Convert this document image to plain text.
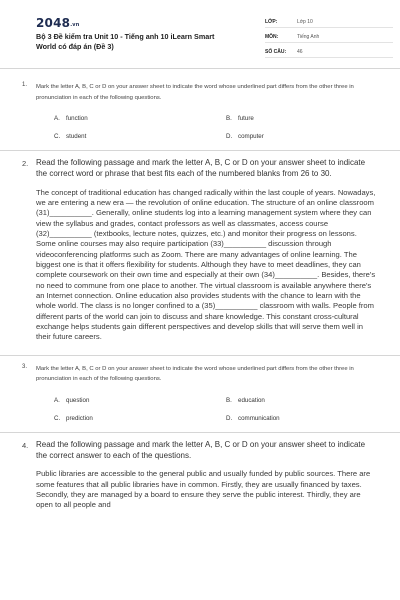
$2048_{.vn}$
Bộ 3 Đề kiểm tra Unit 10 - Tiếng anh 10 iLearn Smart World có đáp án (Đề 3)
LỚP:	Lớp 10
MÔN:	Tiếng Anh
SỐ CÂU:	46
1. Mark the letter A, B, C or D on your answer sheet to indicate the word whose underlined part differs from the other three in pronunciation in each of the following questions.
A. function	B. future
C. student	D. computer
2. Read the following passage and mark the letter A, B, C or D on your answer sheet to indicate the correct word or phrase that best fits each of the numbered blanks from 26 to 30.
The concept of traditional education has changed radically within the last couple of years. Nowadays, we are entering a new era — the revolution of online education. The structure of an online classroom (31)__________. Generally, online students log into a learning management system where they can view the syllabus and grades, contact professors as well as classmates, access course (32)__________ (textbooks, lecture notes, quizzes, etc.) and monitor their progress on lessons. Some online courses may also require participation (33)__________ discussion through videoconferencing platforms such as Zoom. There are many advantages of online learning. The biggest one is that it offers flexibility for students. Although they have to meet deadlines, they can complete coursework on their own time and especially at their own (34)__________. Besides, there's no need to commune from one place to another. The virtual classroom is available anywhere there's an Internet connection. Online education also provides students with the chance to learn with the whole world. The class is no longer confined to a (35)__________ classroom with walls. People from different parts of the world can join to discuss and share knowledge. This constant cross-cultural exchange helps students gain different perspectives and develop skills that will serve them well in their future careers.
3. Mark the letter A, B, C or D on your answer sheet to indicate the word whose underlined part differs from the other three in pronunciation in each of the following questions.
A. question	B. education
C. prediction	D. communication
4. Read the following passage and mark the letter A, B, C or D on your answer sheet to indicate the correct answer to each of the questions.
Public libraries are accessible to the general public and usually funded by public sources. There are some features that all public libraries have in common. Firstly, they are usually financed by taxes. Secondly, they are managed by a board to ensure they serve the public interest. Thirdly, they are open to all people and
